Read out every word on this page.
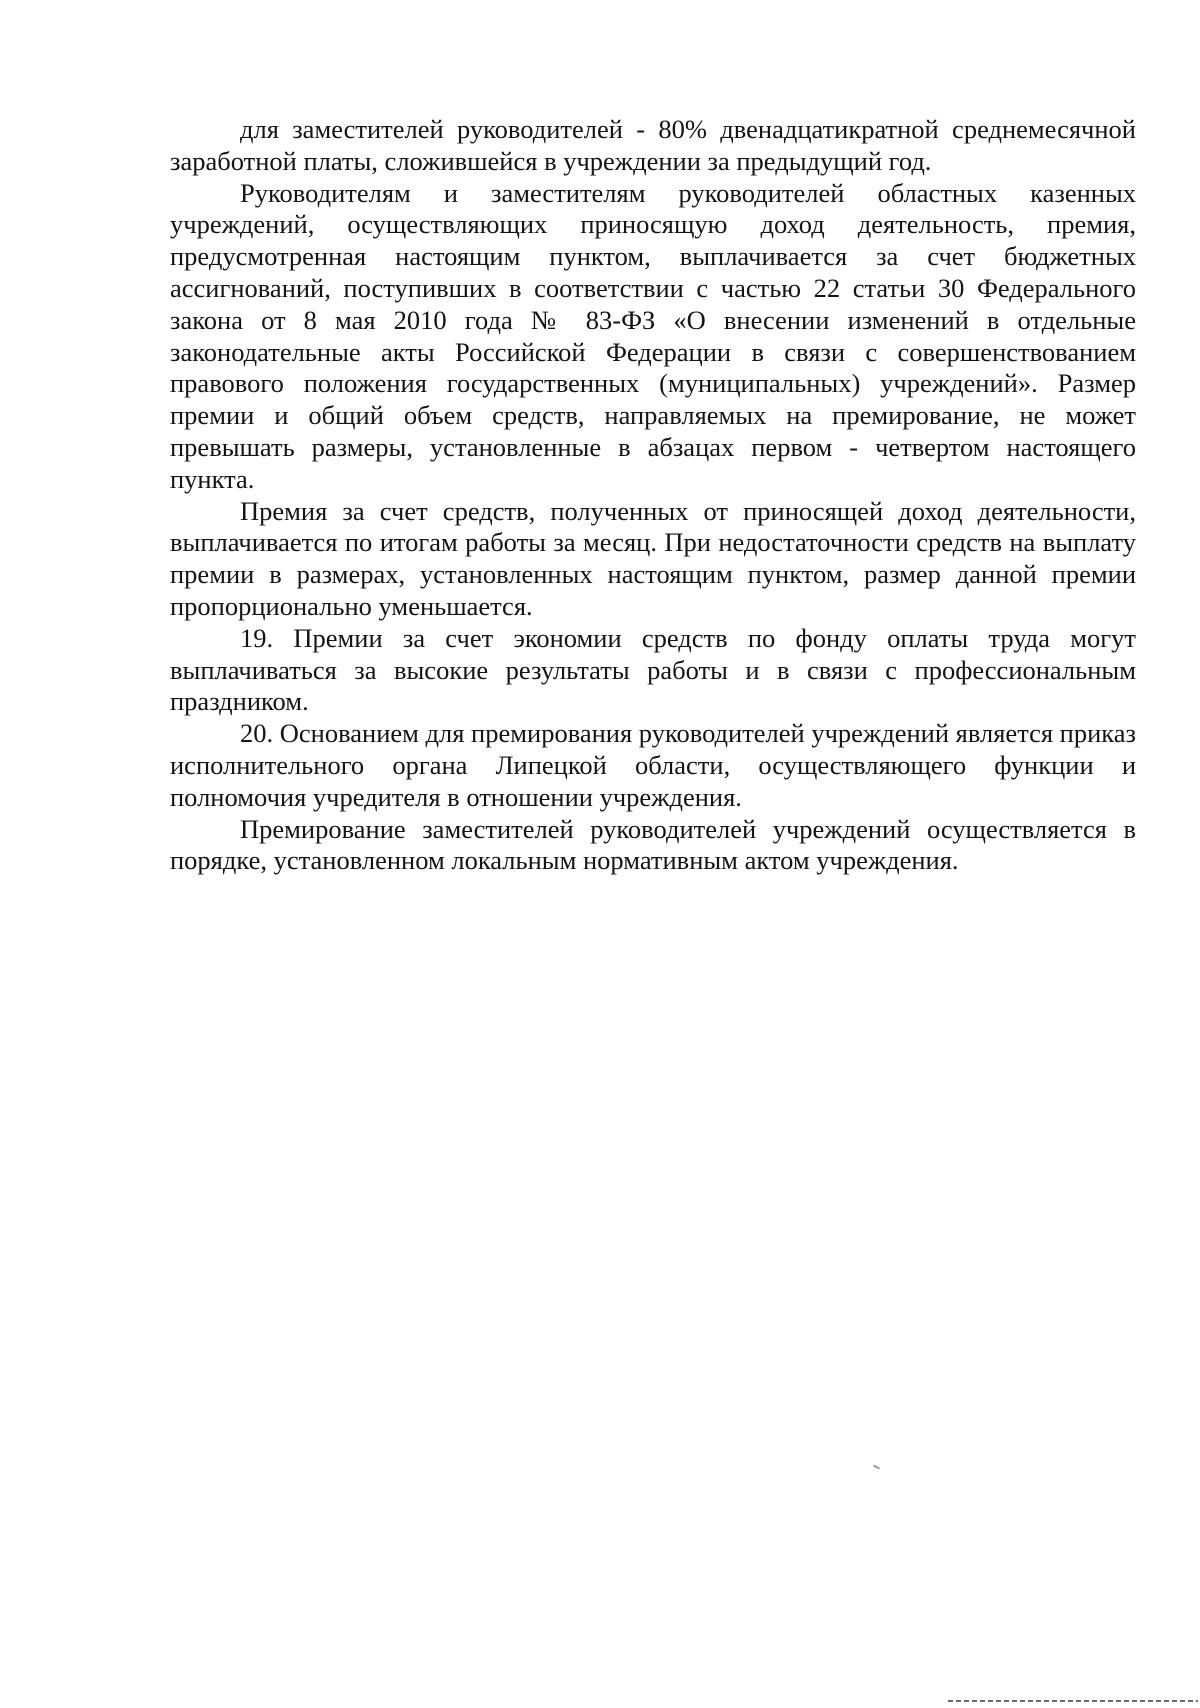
для заместителей руководителей - 80% двенадцатикратной среднемесячной заработной платы, сложившейся в учреждении за предыдущий год.

Руководителям и заместителям руководителей областных казенных учреждений, осуществляющих приносящую доход деятельность, премия, предусмотренная настоящим пунктом, выплачивается за счет бюджетных ассигнований, поступивших в соответствии с частью 22 статьи 30 Федерального закона от 8 мая 2010 года № 83-ФЗ «О внесении изменений в отдельные законодательные акты Российской Федерации в связи с совершенствованием правового положения государственных (муниципальных) учреждений». Размер премии и общий объем средств, направляемых на премирование, не может превышать размеры, установленные в абзацах первом - четвертом настоящего пункта.

Премия за счет средств, полученных от приносящей доход деятельности, выплачивается по итогам работы за месяц. При недостаточности средств на выплату премии в размерах, установленных настоящим пунктом, размер данной премии пропорционально уменьшается.

19. Премии за счет экономии средств по фонду оплаты труда могут выплачиваться за высокие результаты работы и в связи с профессиональным праздником.

20. Основанием для премирования руководителей учреждений является приказ исполнительного органа Липецкой области, осуществляющего функции и полномочия учредителя в отношении учреждения.

Премирование заместителей руководителей учреждений осуществляется в порядке, установленном локальным нормативным актом учреждения.
